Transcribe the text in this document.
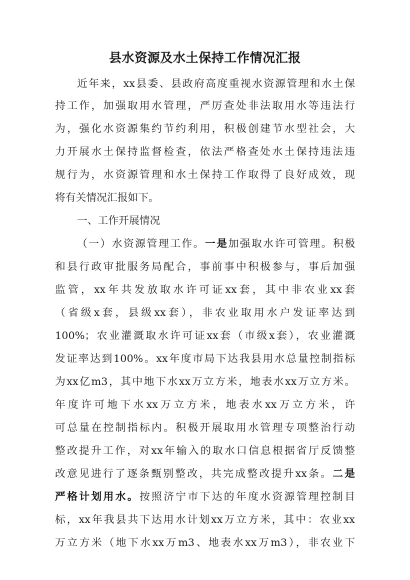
县水资源及水土保持工作情况汇报
近年来，xx县委、县政府高度重视水资源管理和水土保
持工作，加强取用水管理，严厉查处非法取用水等违法行
为，强化水资源集约节约利用，积极创建节水型社会，大
力开展水土保持监督检查，依法严格查处水土保持违法违
规行为，水资源管理和水土保持工作取得了良好成效，现
将有关情况汇报如下。
一、工作开展情况
（一）水资源管理工作。一是加强取水许可管理。积极
和县行政审批服务局配合，事前事中积极参与，事后加强
监管，xx年共发放取水许可证xx套，其中非农业xx套
（省级x套，县级xx套），非农业取用水户发证率达到
100%；农业灌溉取水许可证xx套（市级x套），农业灌溉
发证率达到100%。xx年度市局下达我县用水总量控制指标
为xx亿m3，其中地下水xx万立方米，地表水xx万立方米。
年度许可地下水xx万立方米，地表水xx万立方米，许
可总量在控制指标内。积极开展取用水管理专项整治行动
整改提升工作，对xx年输入的取水口信息根据省厅反馈整
改意见进行了逐条甄别整改，共完成整改提升xx条。二是
严格计划用水。按照济宁市下达的年度水资源管理控制目
标，xx年我县共下达用水计划xx万立方米，其中：农业xx
万立方米（地下水xx万m3、地表水xx万m3），非农业下
